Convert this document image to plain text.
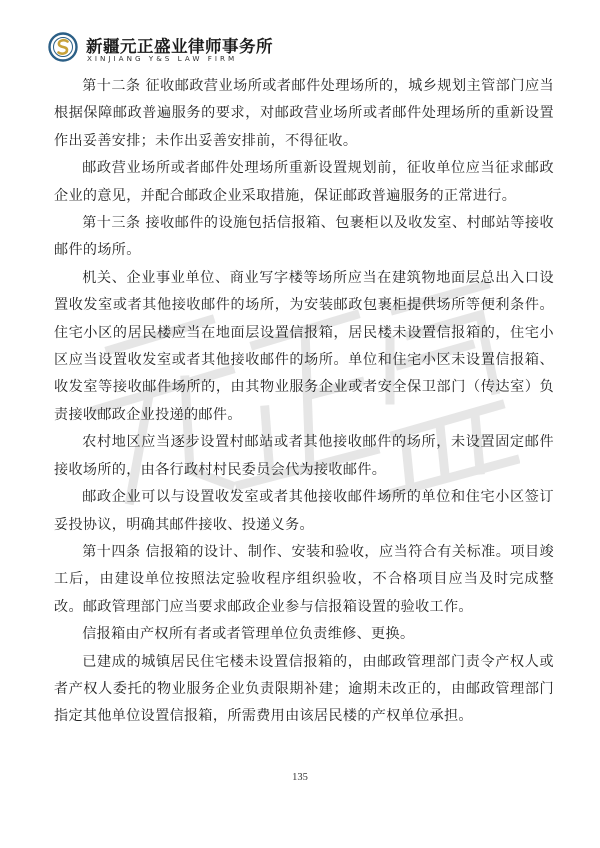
新疆元正盛业律师事务所
XINJIANG Y&S LAW FIRM

第十二条 征收邮政营业场所或者邮件处理场所的，城乡规划主管部门应当根据保障邮政普遍服务的要求，对邮政营业场所或者邮件处理场所的重新设置作出妥善安排；未作出妥善安排前，不得征收。

邮政营业场所或者邮件处理场所重新设置规划前，征收单位应当征求邮政企业的意见，并配合邮政企业采取措施，保证邮政普遍服务的正常进行。

第十三条 接收邮件的设施包括信报箱、包裹柜以及收发室、村邮站等接收邮件的场所。

机关、企业事业单位、商业写字楼等场所应当在建筑物地面层总出入口设置收发室或者其他接收邮件的场所，为安装邮政包裹柜提供场所等便利条件。住宅小区的居民楼应当在地面层设置信报箱，居民楼未设置信报箱的，住宅小区应当设置收发室或者其他接收邮件的场所。单位和住宅小区未设置信报箱、收发室等接收邮件场所的，由其物业服务企业或者安全保卫部门（传达室）负责接收邮政企业投递的邮件。

农村地区应当逐步设置村邮站或者其他接收邮件的场所，未设置固定邮件接收场所的，由各行政村村民委员会代为接收邮件。

邮政企业可以与设置收发室或者其他接收邮件场所的单位和住宅小区签订妥投协议，明确其邮件接收、投递义务。

第十四条 信报箱的设计、制作、安装和验收，应当符合有关标准。项目竣工后，由建设单位按照法定验收程序组织验收，不合格项目应当及时完成整改。邮政管理部门应当要求邮政企业参与信报箱设置的验收工作。

信报箱由产权所有者或者管理单位负责维修、更换。

已建成的城镇居民住宅楼未设置信报箱的，由邮政管理部门责令产权人或者产权人委托的物业服务企业负责限期补建；逾期未改正的，由邮政管理部门指定其他单位设置信报箱，所需费用由该居民楼的产权单位承担。

135
